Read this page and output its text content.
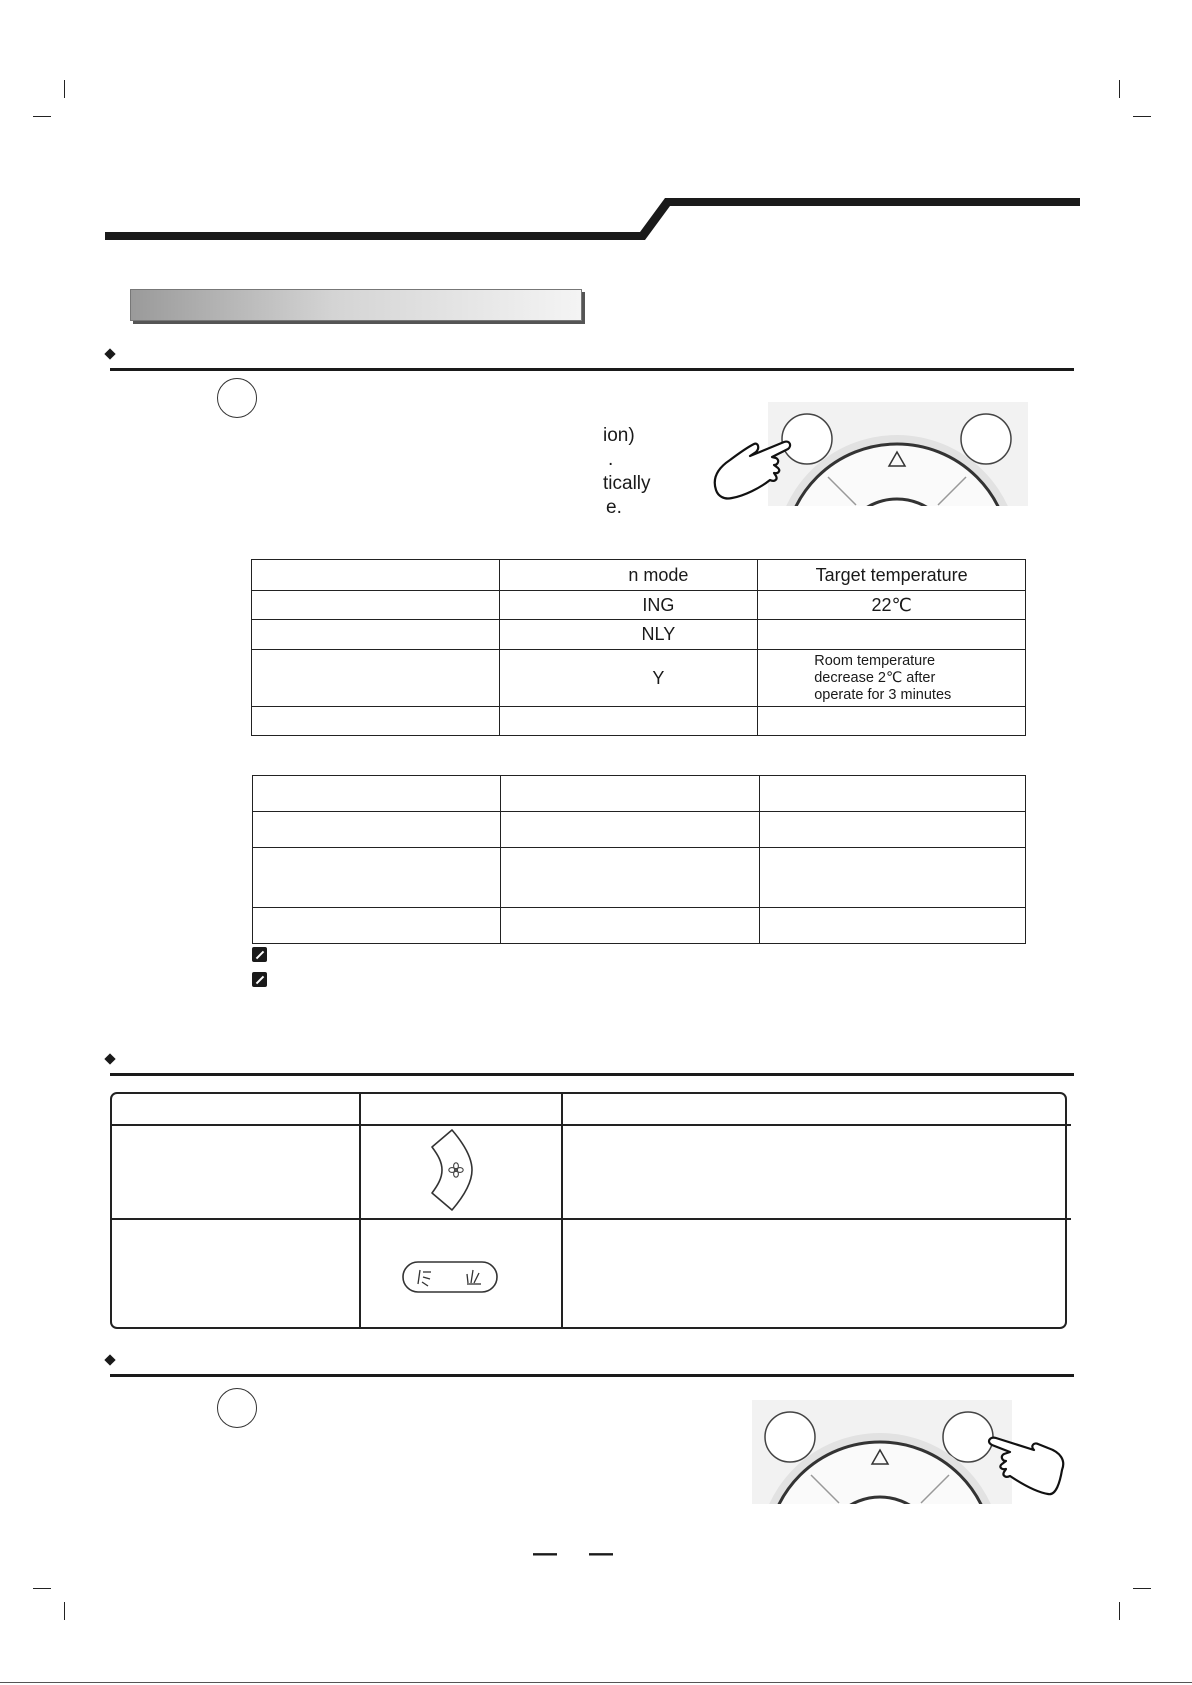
ion)
.
tically
e.
	n mode	Target temperature
	ING	22℃
	NLY	
	Y	Room temperature
decrease 2℃ after
operate for 3 minutes

— —
